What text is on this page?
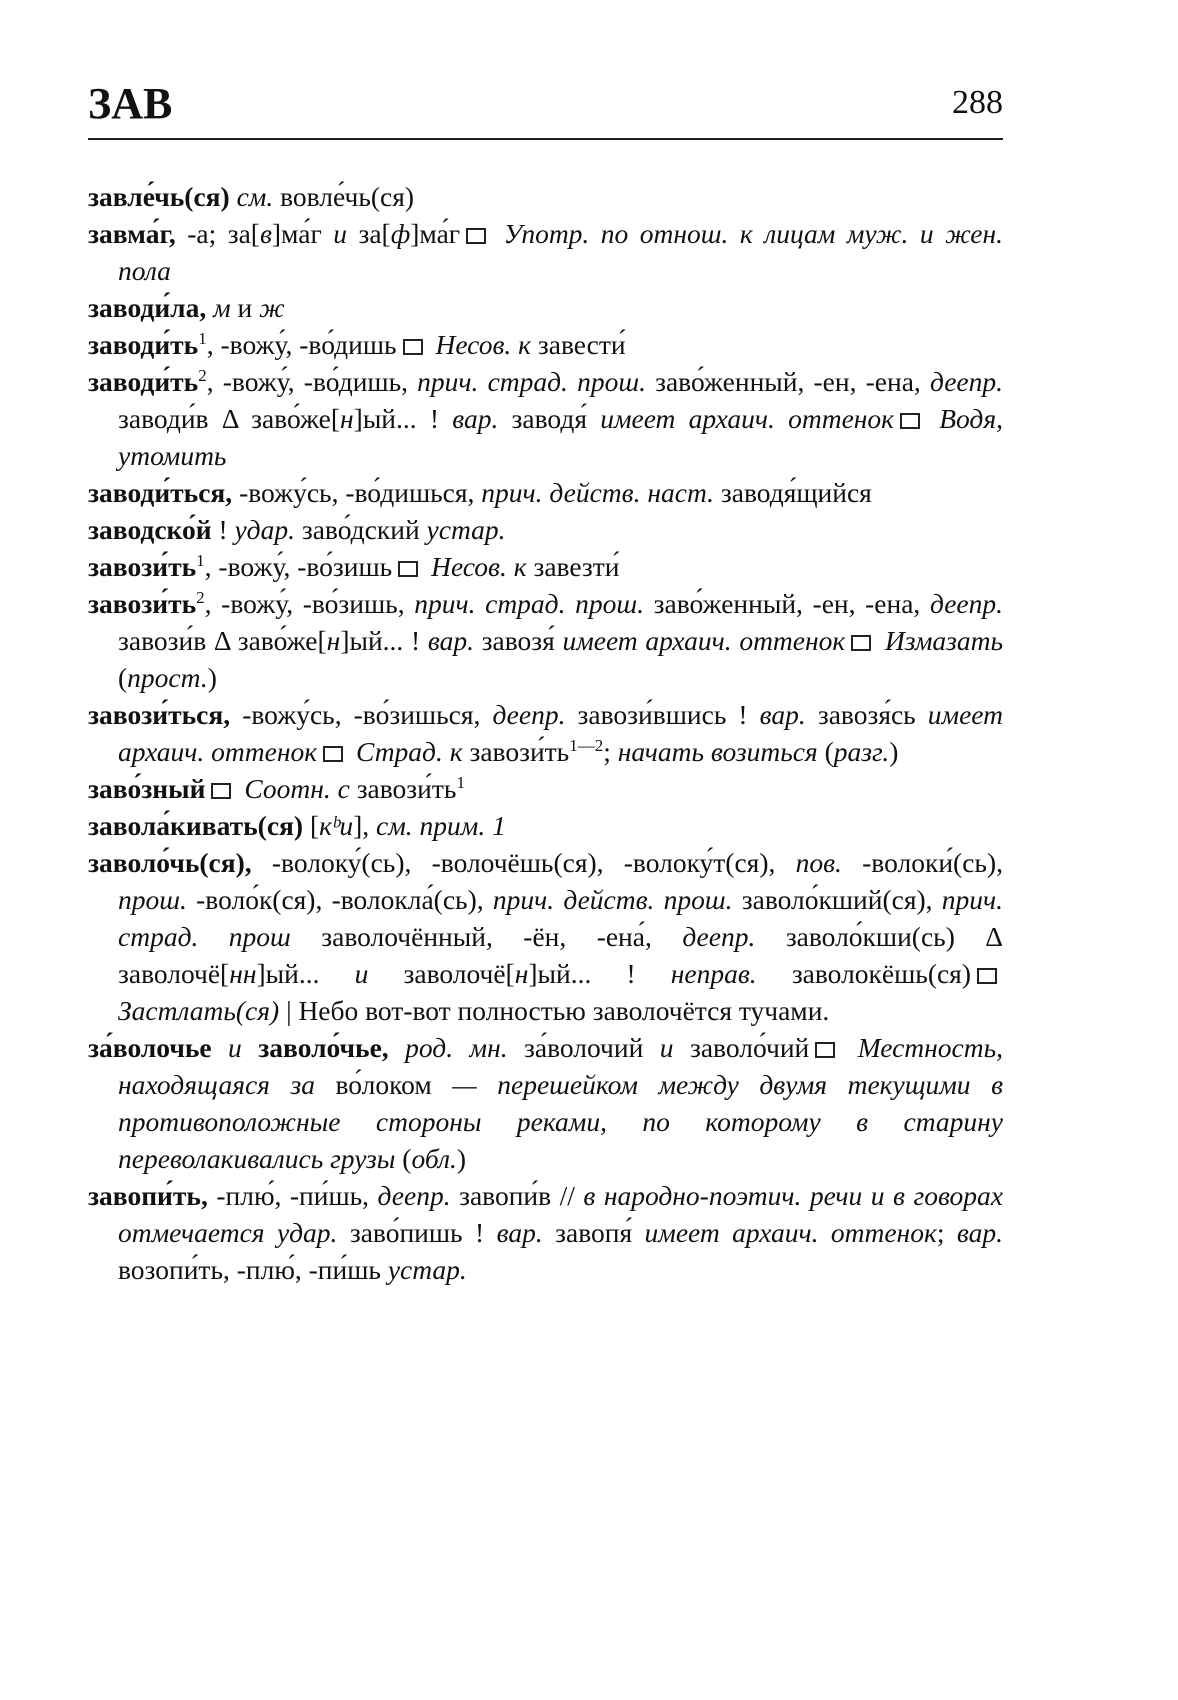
ЗАВ	288

завле́чь(ся) см. вовле́чь(ся)

завма́г, -а; за[в]ма́г и за[ф]ма́г Употр. по отнош. к лицам муж. и жен. пола

заводи́ла, м и ж

$заводи́ть^1$, -вожу́, -во́дишь Несов. к завести́

$заводи́ть^2$, -вожу́, -во́дишь, прич. страд. прош. заво́женный, -ен, -ена, деепр. заводи́в Δ заво́же[н]ый... ! вар. заводя́ имеет архаич. оттенок Водя, утомить

заводи́ться, -вожу́сь, -во́дишься, прич. действ. наст. заводя́щийся

заводско́й ! удар. заво́дский устар.

$завози́ть^1$, -вожу́, -во́зишь Несов. к завезти́

$завози́ть^2$, -вожу́, -во́зишь, прич. страд. прош. заво́женный, -ен, -ена, деепр. завози́в Δ заво́же[н]ый... ! вар. завозя́ имеет архаич. оттенок Измазать (прост.)

завози́ться, -вожу́сь, -во́зишься, деепр. завози́вшись ! вар. завозя́сь имеет архаич. оттенок Страд. к $завози́ть^{1—2}$; начать возиться (разг.)

заво́зный Соотн. с $завози́ть^1$

завола́кивать(ся) [кᵇи], см. прим. 1

заволо́чь(ся), -волоку́(сь), -волочёшь(ся), -волоку́т(ся), пов. -волоки́(сь), прош. -воло́к(ся), -волокла́(сь), прич. действ. прош. заволо́кший(ся), прич. страд. прош заволочённый, -ён, -ена́, деепр. заволо́кши(сь) Δ заволочё[нн]ый... и заволочё[н]ый... ! неправ. заволокёшь(ся) Застлать(ся) | Небо вот-вот полностью заволочётся тучами.

за́волочье и заволо́чье, род. мн. за́волочий и заволо́чий Местность, находящаяся за во́локом — перешейком между двумя текущими в противоположные стороны реками, по которому в старину переволакивались грузы (обл.)

завопи́ть, -плю́, -пи́шь, деепр. завопи́в // в народно-поэтич. речи и в говорах отмечается удар. заво́пишь ! вар. завопя́ имеет архаич. оттенок; вар. возопи́ть, -плю́, -пи́шь устар.
